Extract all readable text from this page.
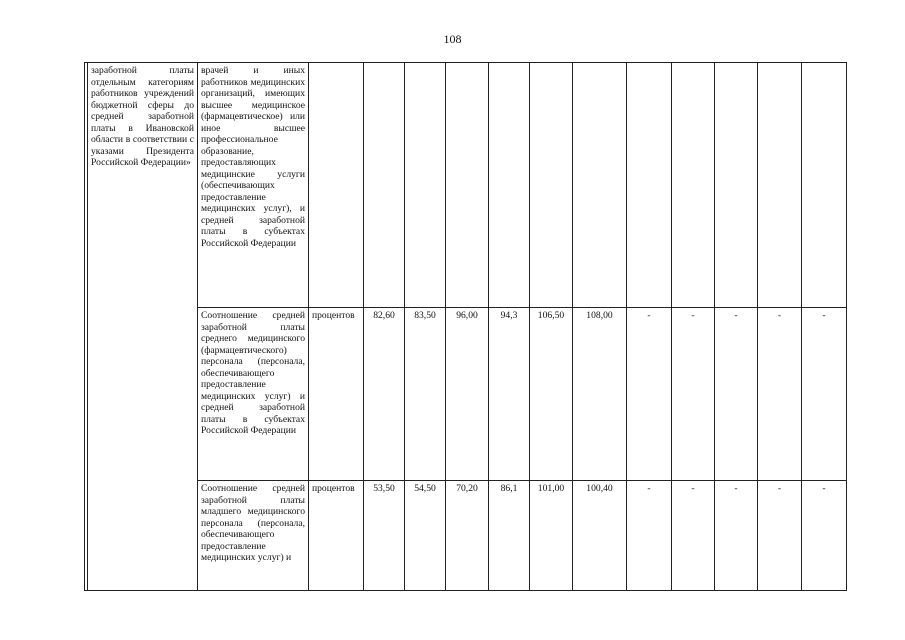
108
	заработной платы отдельным категориям работников учреждений бюджетной сферы до средней заработной платы в Ивановской области в соответствии с указами Президента Российской Федерации»	врачей и иных работников медицинских организаций, имеющих высшее медицинское (фармацевтическое) или иное высшее профессиональное образование, предоставляющих медицинские услуги (обеспечивающих предоставление медицинских услуг), и средней заработной платы в субъектах Российской Федерации												
		Соотношение средней заработной платы среднего медицинского (фармацевтического) персонала (персонала, обеспечивающего предоставление медицинских услуг) и средней заработной платы в субъектах Российской Федерации	процентов	82,60	83,50	96,00	94,3	106,50	108,00	-	-	-	-	-
		Соотношение средней заработной платы младшего медицинского персонала (персонала, обеспечивающего предоставление медицинских услуг) и	процентов	53,50	54,50	70,20	86,1	101,00	100,40	-	-	-	-	-
